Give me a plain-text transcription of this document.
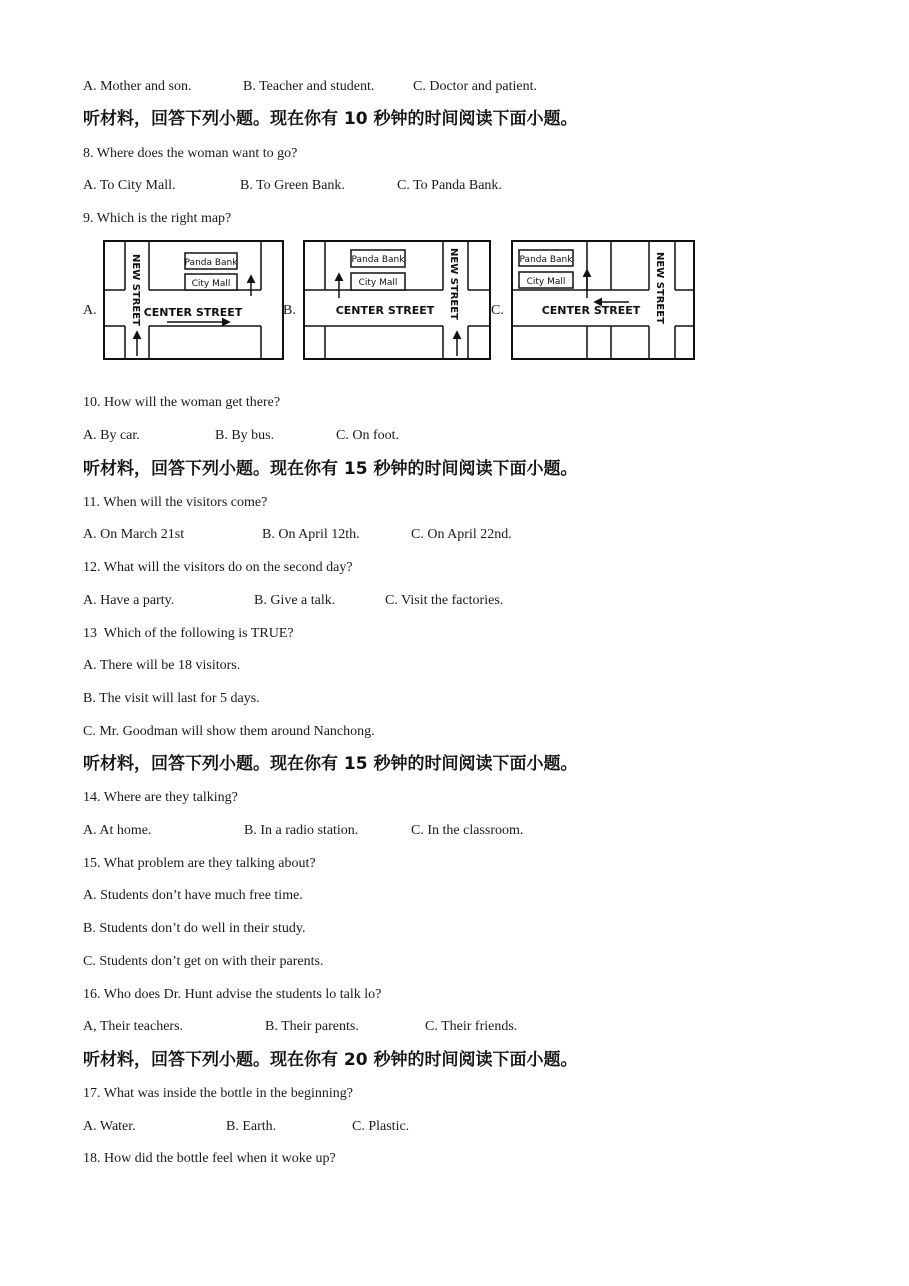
A. Mother and son.	B. Teacher and student.	C. Doctor and patient.
听材料，回答下列小题。现在你有 10 秒钟的时间阅读下面小题。
8. Where does the woman want to go?
A. To City Mall.	B. To Green Bank.	C. To Panda Bank.
9. Which is the right map?
A.	B.	C.
Panda Bank
City Mall
NEW STREET CENTER STREET
Panda Bank
City Mall	NEW STREET
CENTER STREET
Panda Bank
City Mall	NEW STREET
CENTER STREET
10. How will the woman get there?
A. By car.	B. By bus.	C. On foot.
听材料，回答下列小题。现在你有 15 秒钟的时间阅读下面小题。
11. When will the visitors come?
A. On March 21st	B. On April 12th.	C. On April 22nd.
12. What will the visitors do on the second day?
A. Have a party.	B. Give a talk.	C. Visit the factories.
13  Which of the following is TRUE?
A. There will be 18 visitors.
B. The visit will last for 5 days.
C. Mr. Goodman will show them around Nanchong.
听材料，回答下列小题。现在你有 15 秒钟的时间阅读下面小题。
14. Where are they talking?
A. At home.	B. In a radio station.	C. In the classroom.
15. What problem are they talking about?
A. Students don’t have much free time.
B. Students don’t do well in their study.
C. Students don’t get on with their parents.
16. Who does Dr. Hunt advise the students lo talk lo?
A, Their teachers.	B. Their parents.	C. Their friends.
听材料，回答下列小题。现在你有 20 秒钟的时间阅读下面小题。
17. What was inside the bottle in the beginning?
A. Water.	B. Earth.	C. Plastic.
18. How did the bottle feel when it woke up?
